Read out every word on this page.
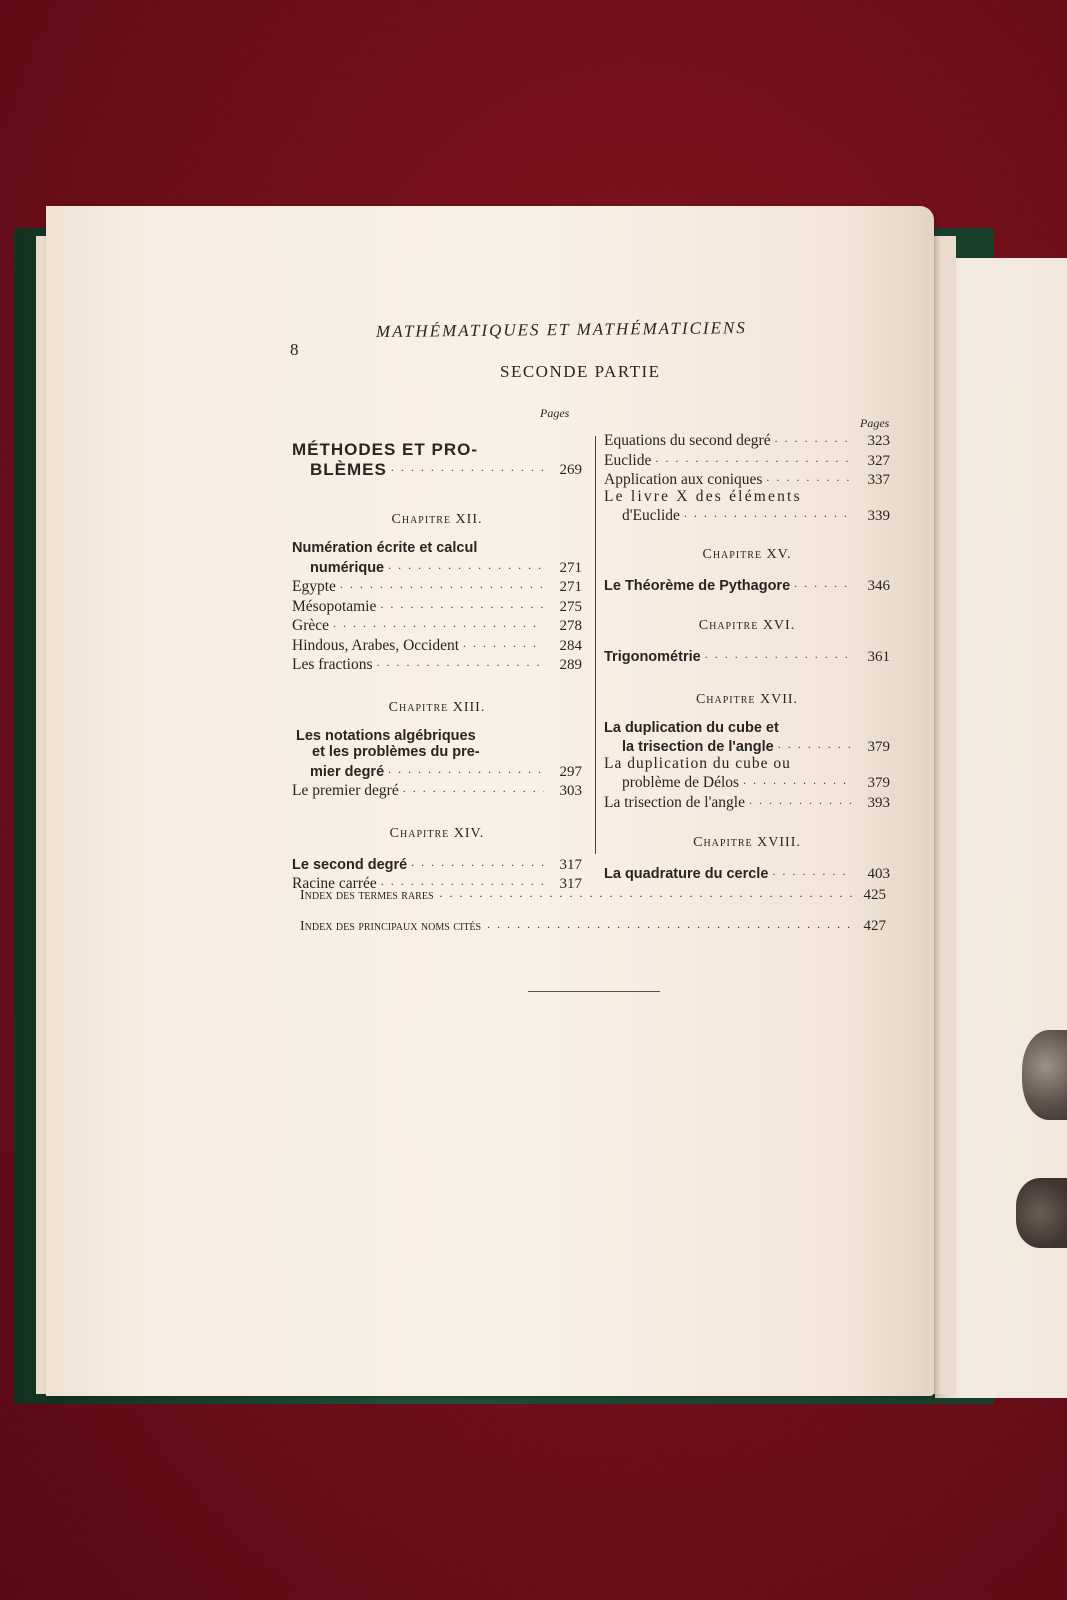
8
MATHÉMATIQUES ET MATHÉMATICIENS
SECONDE PARTIE
Pages
Pages
MÉTHODES ET PRO-
BLÈMES . . .	269
Chapitre XII.
Numération écrite et calcul
numérique . . .	271
Egypte . . .	271
Mésopotamie . . .	275
Grèce . . .	278
Hindous, Arabes, Occident . . .	284
Les fractions . . .	289
Chapitre XIII.
Les notations algébriques
et les problèmes du pre-
mier degré . . .	297
Le premier degré . . .	303
Chapitre XIV.
Le second degré . . .	317
Racine carrée . . .	317
Equations du second degré . . .	323
Euclide . . .	327
Application aux coniques . . .	337
Le livre X des éléments
d'Euclide . . .	339
Chapitre XV.
Le Théorème de Pythagore . . .	346
Chapitre XVI.
Trigonométrie . . .	361
Chapitre XVII.
La duplication du cube et
la trisection de l'angle . . .	379
La duplication du cube ou
problème de Délos . . .	379
La trisection de l'angle . . .	393
Chapitre XVIII.
La quadrature du cercle . . .	403
Index des termes rares . . .	425
Index des principaux noms cités . . .	427
